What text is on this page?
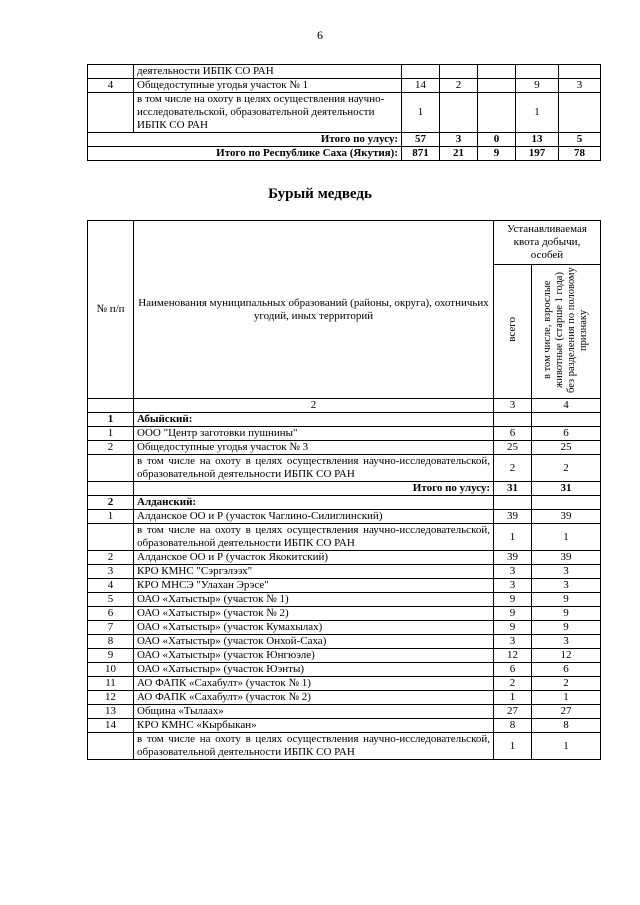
6
	деятельности ИБПК СО РАН					
4	Общедоступные угодья участок № 1	14	2		9	3
	в том числе на охоту в целях осуществления научно-исследовательской, образовательной деятельности ИБПК СО РАН	1			1	
Итого по улусу:		57	3	0	13	5
Итого по Республике Саха (Якутия):		871	21	9	197	78
Бурый медведь
№ п/п	Наименования муниципальных образований (районы, округа), охотничьих угодий, иных территорий	Устанавливаемая квота добычи, особей	
		всего	в том числе, взрослые животные (старше 1 года) без разделения по половому признаку
	2	3	4
1	Абыйский:		
1	ООО "Центр заготовки пушнины"	6	6
2	Общедоступные угодья участок № 3	25	25
	в том числе на охоту в целях осуществления научно-исследовательской, образовательной деятельности ИБПК СО РАН	2	2
	Итого по улусу:	31	31
2	Алданский:		
1	Алданское ОО и Р (участок Чаглино-Силиглинский)	39	39
	в том числе на охоту в целях осуществления научно-исследовательской, образовательной деятельности ИБПК СО РАН	1	1
2	Алданское ОО и Р (участок Якокитский)	39	39
3	КРО КМНС "Сэргэлээх"	3	3
4	КРО МНСЭ "Улахан Эрэсе"	3	3
5	ОАО «Хатыстыр» (участок № 1)	9	9
6	ОАО «Хатыстыр» (участок № 2)	9	9
7	ОАО «Хатыстыр» (участок Кумахылах)	9	9
8	ОАО «Хатыстыр» (участок Онхой-Саха)	3	3
9	ОАО «Хатыстыр» (участок Юнгюэле)	12	12
10	ОАО «Хатыстыр» (участок Юэнты)	6	6
11	АО ФАПК «Сахабулт» (участок № 1)	2	2
12	АО ФАПК «Сахабулт» (участок № 2)	1	1
13	Община «Тылаах»	27	27
14	КРО КМНС «Кырбыкан»	8	8
	в том числе на охоту в целях осуществления научно-исследовательской, образовательной деятельности ИБПК СО РАН	1	1
